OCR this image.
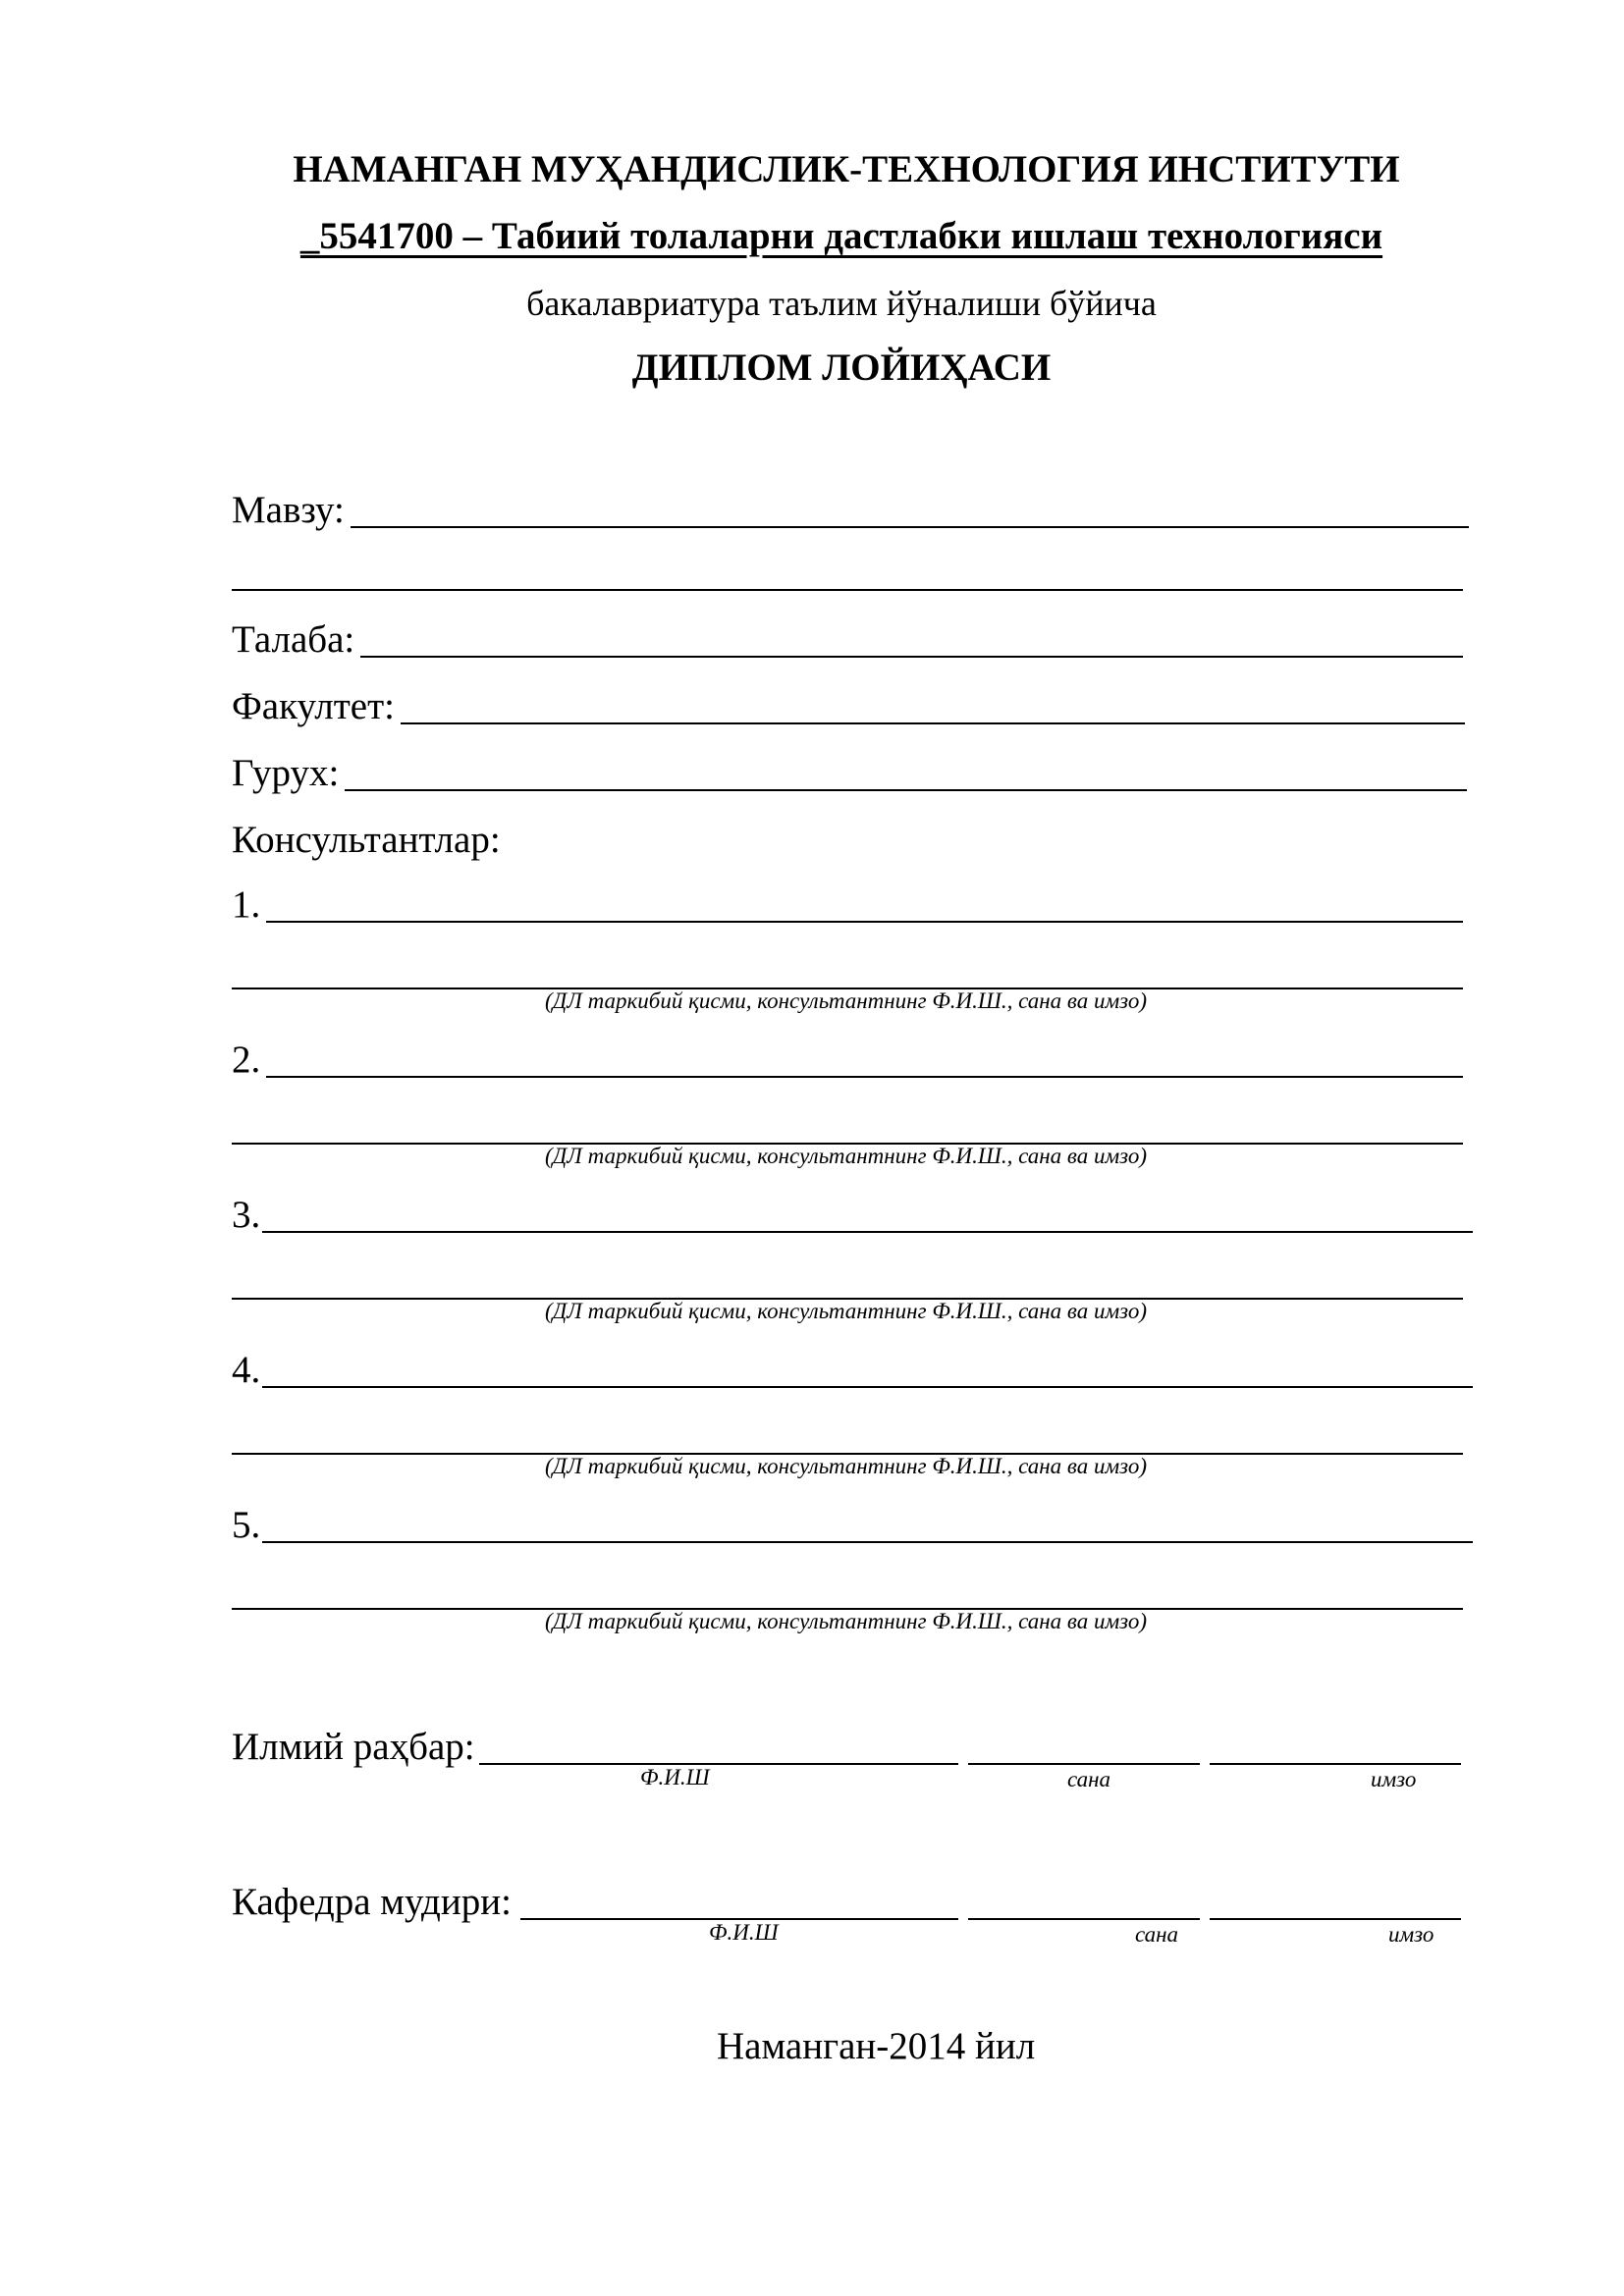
НАМАНГАН МУҲАНДИСЛИК-ТЕХНОЛОГИЯ ИНСТИТУТИ
_5541700 – Табиий толаларни дастлабки ишлаш технологияси
бакалавриатура таълим йўналиши бўйича
ДИПЛОМ ЛОЙИҲАСИ
Мавзу:
Талаба:
Факултет:
Гурух:
Консультантлар:
1.
(ДЛ таркибий қисми, консультантнинг Ф.И.Ш., сана ва имзо)
2.
(ДЛ таркибий қисми, консультантнинг Ф.И.Ш., сана ва имзо)
3.
(ДЛ таркибий қисми, консультантнинг Ф.И.Ш., сана ва имзо)
4.
(ДЛ таркибий қисми, консультантнинг Ф.И.Ш., сана ва имзо)
5.
(ДЛ таркибий қисми, консультантнинг Ф.И.Ш., сана ва имзо)
Илмий раҳбар:
Ф.И.Ш	сана	имзо
Кафедра мудири:
Ф.И.Ш	сана	имзо
Наманган-2014 йил
